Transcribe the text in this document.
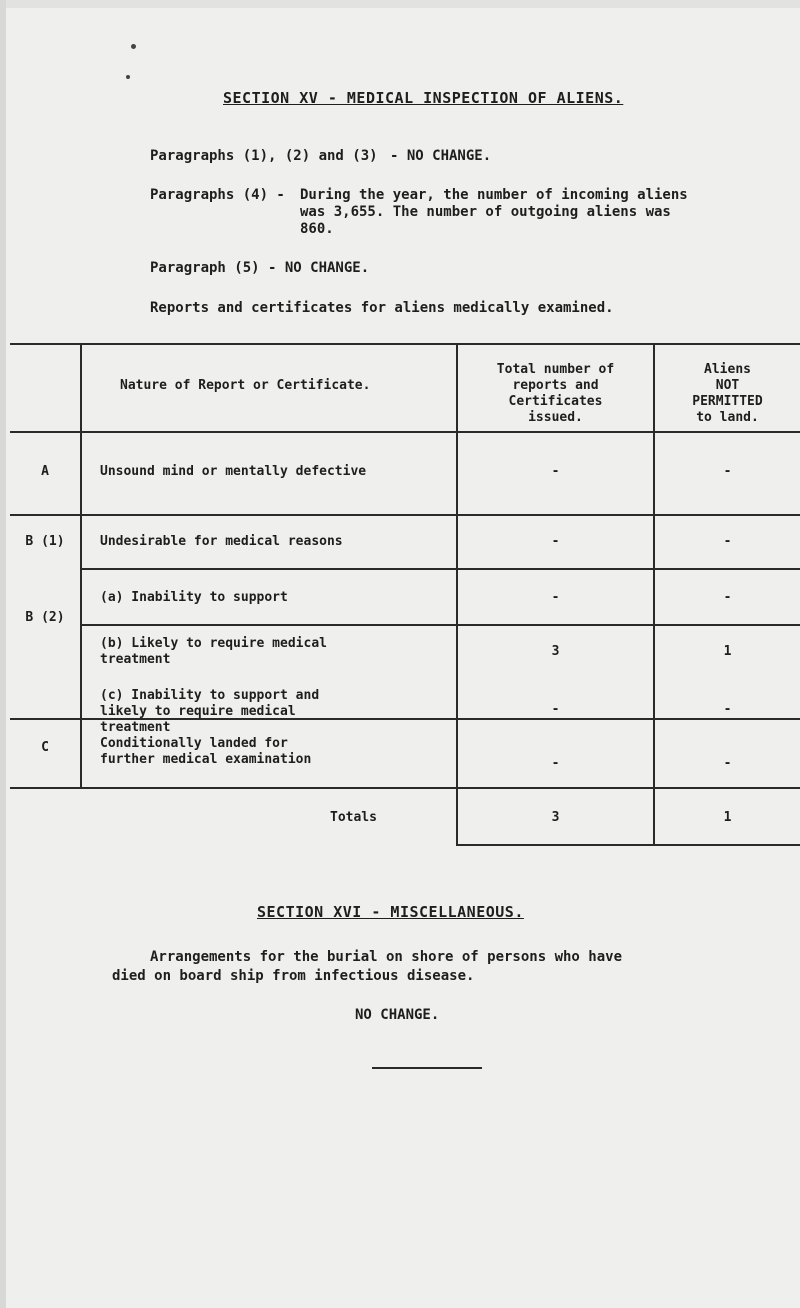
SECTION XV - MEDICAL INSPECTION OF ALIENS.
Paragraphs (1), (2) and (3) - NO CHANGE.
Paragraphs (4) - During the year, the number of incoming aliens
was 3,655. The number of outgoing aliens was
860.
Paragraph (5) - NO CHANGE.
Reports and certificates for aliens medically examined.
Nature of Report or Certificate.
Total number of
reports and
Certificates
issued.
Aliens
NOT
PERMITTED
to land.
A	Unsound mind or mentally defective	-	-
B (1)	Undesirable for medical reasons	-	-
B (2)
(a) Inability to support	-	-
(b) Likely to require medical
treatment
3	1
(c) Inability to support and
likely to require medical
treatment
-	-
C	Conditionally landed for
further medical examination	-	-
Totals	3	1
SECTION XVI - MISCELLANEOUS.
Arrangements for the burial on shore of persons who have
died on board ship from infectious disease.
NO CHANGE.
